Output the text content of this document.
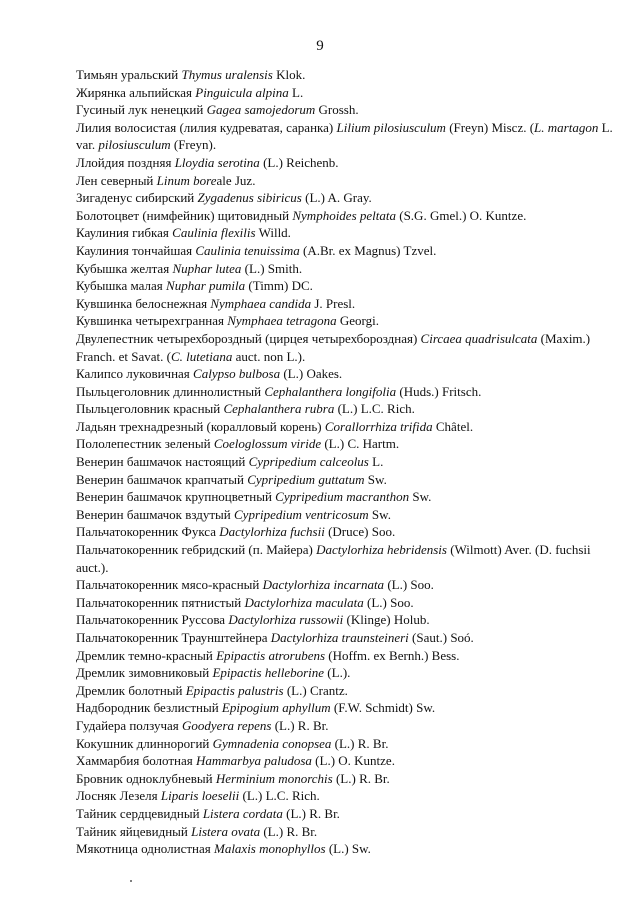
9
Тимьян уральский Thymus uralensis Klok.
Жирянка альпийская Pinguicula alpina L.
Гусиный лук ненецкий Gagea samojedorum Grossh.
Лилия волосистая (лилия кудреватая, саранка) Lilium pilosiusculum (Freyn) Miscz. (L. martagon L. var. pilosiusculum (Freyn).
Ллойдия поздняя Lloydia serotina (L.) Reichenb.
Лен северный Linum boreale Juz.
Зигаденус сибирский Zygadenus sibiricus (L.) A. Gray.
Болотоцвет (нимфейник) щитовидный Nymphoides peltata (S.G. Gmel.) O. Kuntze.
Каулиния гибкая Caulinia flexilis Willd.
Каулиния тончайшая Caulinia tenuissima (A.Br. ex Magnus) Tzvel.
Кубышка желтая Nuphar lutea (L.) Smith.
Кубышка малая Nuphar pumila (Timm) DC.
Кувшинка белоснежная Nymphaea candida J. Presl.
Кувшинка четырехгранная Nymphaea tetragona Georgi.
Двулепестник четырехбороздный (цирцея четырехбороздная) Circaea quadrisulcata (Maxim.) Franch. et Savat. (C. lutetiana auct. non L.).
Калипсо луковичная Calypso bulbosa (L.) Oakes.
Пыльцеголовник длиннолистный Cephalanthera longifolia (Huds.) Fritsch.
Пыльцеголовник красный Cephalanthera rubra (L.) L.C. Rich.
Ладьян трехнадрезный (коралловый корень) Corallorrhiza trifida Châtel.
Пололепестник зеленый Coeloglossum viride (L.) C. Hartm.
Венерин башмачок настоящий Cypripedium calceolus L.
Венерин башмачок крапчатый Cypripedium guttatum Sw.
Венерин башмачок крупноцветный Cypripedium macranthon Sw.
Венерин башмачок вздутый Cypripedium ventricosum Sw.
Пальчатокоренник Фукса Dactylorhiza fuchsii (Druce) Soo.
Пальчатокоренник гебридский (п. Майера) Dactylorhiza hebridensis (Wilmott) Aver. (D. fuchsii auct.).
Пальчатокоренник мясо-красный Dactylorhiza incarnata (L.) Soo.
Пальчатокоренник пятнистый Dactylorhiza maculata (L.) Soo.
Пальчатокоренник Руссова Dactylorhiza russowii (Klinge) Holub.
Пальчатокоренник Траунштейнера Dactylorhiza traunsteineri (Saut.) Soó.
Дремлик темно-красный Epipactis atrorubens (Hoffm. ex Bernh.) Bess.
Дремлик зимовниковый Epipactis helleborine (L.).
Дремлик болотный Epipactis palustris (L.) Crantz.
Надбородник безлистный Epipogium aphyllum (F.W. Schmidt) Sw.
Гудайера ползучая Goodyera repens (L.) R. Br.
Кокушник длиннорогий Gymnadenia conopsea (L.) R. Br.
Хаммарбия болотная Hammarbya paludosa (L.) O. Kuntze.
Бровник одноклубневый Herminium monorchis (L.) R. Br.
Лосняк Лезеля Liparis loeselii (L.) L.C. Rich.
Тайник сердцевидный Listera cordata (L.) R. Br.
Тайник яйцевидный Listera ovata (L.) R. Br.
Мякотница однолистная Malaxis monophyllos (L.) Sw.
